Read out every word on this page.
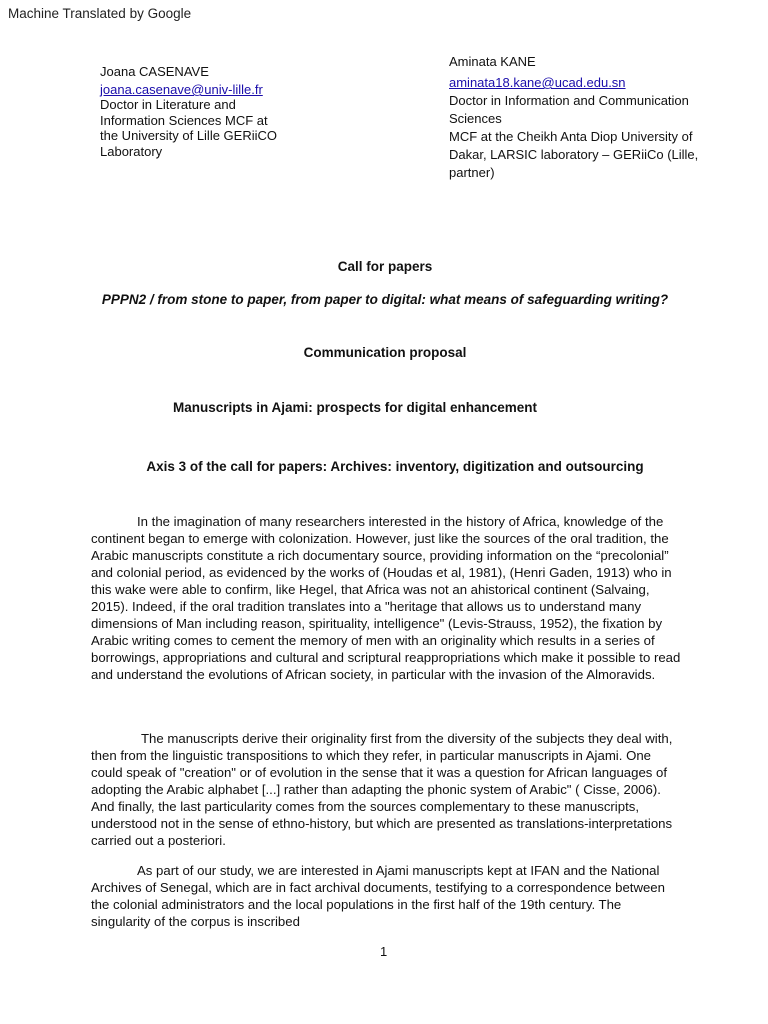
Machine Translated by Google
Joana CASENAVE
joana.casenave@univ-lille.fr
Doctor in Literature and
Information Sciences MCF at
the University of Lille GERiiCO
Laboratory
Aminata KANE
aminata18.kane@ucad.edu.sn
Doctor in Information and Communication
Sciences
MCF at the Cheikh Anta Diop University of
Dakar, LARSIC laboratory – GERiiCo (Lille,
partner)
Call for papers
PPPN2 / from stone to paper, from paper to digital: what means of safeguarding writing?
Communication proposal
Manuscripts in Ajami: prospects for digital enhancement
Axis 3 of the call for papers: Archives: inventory, digitization and outsourcing
In the imagination of many researchers interested in the history of Africa, knowledge of the continent began to emerge with colonization. However, just like the sources of the oral tradition, the Arabic manuscripts constitute a rich documentary source, providing information on the “precolonial” and colonial period, as evidenced by the works of (Houdas et al, 1981), (Henri Gaden, 1913) who in this wake were able to confirm, like Hegel, that Africa was not an ahistorical continent (Salvaing, 2015). Indeed, if the oral tradition translates into a "heritage that allows us to understand many dimensions of Man including reason, spirituality, intelligence" (Levis-Strauss, 1952), the fixation by Arabic writing comes to cement the memory of men with an originality which results in a series of borrowings, appropriations and cultural and scriptural reappropriations which make it possible to read and understand the evolutions of African society, in particular with the invasion of the Almoravids.
The manuscripts derive their originality first from the diversity of the subjects they deal with, then from the linguistic transpositions to which they refer, in particular manuscripts in Ajami. One could speak of "creation" or of evolution in the sense that it was a question for African languages of adopting the Arabic alphabet [...] rather than adapting the phonic system of Arabic" ( Cisse, 2006). And finally, the last particularity comes from the sources complementary to these manuscripts, understood not in the sense of ethno-history, but which are presented as translations-interpretations carried out a posteriori.
As part of our study, we are interested in Ajami manuscripts kept at IFAN and the National Archives of Senegal, which are in fact archival documents, testifying to a correspondence between the colonial administrators and the local populations in the first half of the 19th century. The singularity of the corpus is inscribed
1
